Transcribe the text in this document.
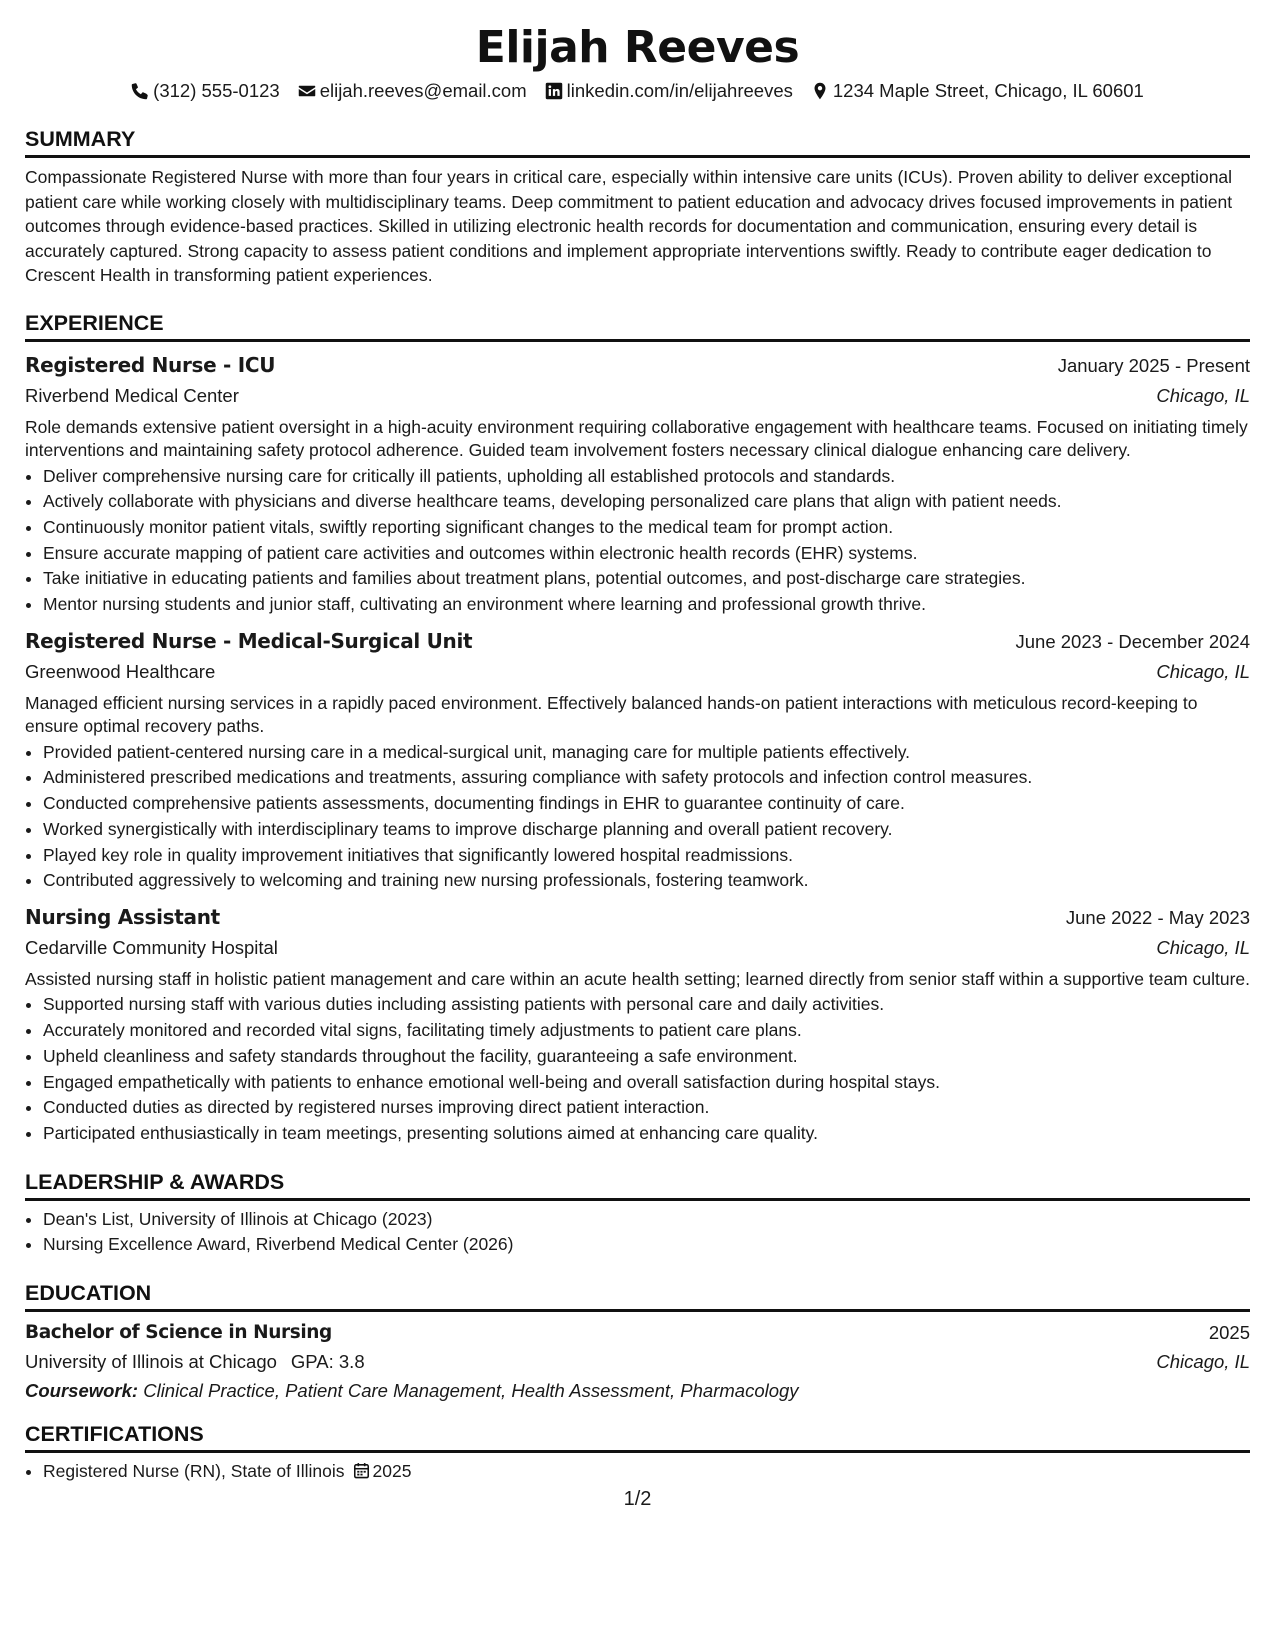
Elijah Reeves
(312) 555-0123 elijah.reeves@email.com linkedin.com/in/elijahreeves 1234 Maple Street, Chicago, IL 60601
SUMMARY
Compassionate Registered Nurse with more than four years in critical care, especially within intensive care units (ICUs). Proven ability to deliver exceptional patient care while working closely with multidisciplinary teams. Deep commitment to patient education and advocacy drives focused improvements in patient outcomes through evidence-based practices. Skilled in utilizing electronic health records for documentation and communication, ensuring every detail is accurately captured. Strong capacity to assess patient conditions and implement appropriate interventions swiftly. Ready to contribute eager dedication to Crescent Health in transforming patient experiences.
EXPERIENCE
Registered Nurse - ICU	January 2025 - Present
Riverbend Medical Center	Chicago, IL
Role demands extensive patient oversight in a high-acuity environment requiring collaborative engagement with healthcare teams. Focused on initiating timely interventions and maintaining safety protocol adherence. Guided team involvement fosters necessary clinical dialogue enhancing care delivery.
• Deliver comprehensive nursing care for critically ill patients, upholding all established protocols and standards.
• Actively collaborate with physicians and diverse healthcare teams, developing personalized care plans that align with patient needs.
• Continuously monitor patient vitals, swiftly reporting significant changes to the medical team for prompt action.
• Ensure accurate mapping of patient care activities and outcomes within electronic health records (EHR) systems.
• Take initiative in educating patients and families about treatment plans, potential outcomes, and post-discharge care strategies.
• Mentor nursing students and junior staff, cultivating an environment where learning and professional growth thrive.
Registered Nurse - Medical-Surgical Unit	June 2023 - December 2024
Greenwood Healthcare	Chicago, IL
Managed efficient nursing services in a rapidly paced environment. Effectively balanced hands-on patient interactions with meticulous record-keeping to ensure optimal recovery paths.
• Provided patient-centered nursing care in a medical-surgical unit, managing care for multiple patients effectively.
• Administered prescribed medications and treatments, assuring compliance with safety protocols and infection control measures.
• Conducted comprehensive patients assessments, documenting findings in EHR to guarantee continuity of care.
• Worked synergistically with interdisciplinary teams to improve discharge planning and overall patient recovery.
• Played key role in quality improvement initiatives that significantly lowered hospital readmissions.
• Contributed aggressively to welcoming and training new nursing professionals, fostering teamwork.
Nursing Assistant	June 2022 - May 2023
Cedarville Community Hospital	Chicago, IL
Assisted nursing staff in holistic patient management and care within an acute health setting; learned directly from senior staff within a supportive team culture.
• Supported nursing staff with various duties including assisting patients with personal care and daily activities.
• Accurately monitored and recorded vital signs, facilitating timely adjustments to patient care plans.
• Upheld cleanliness and safety standards throughout the facility, guaranteeing a safe environment.
• Engaged empathetically with patients to enhance emotional well-being and overall satisfaction during hospital stays.
• Conducted duties as directed by registered nurses improving direct patient interaction.
• Participated enthusiastically in team meetings, presenting solutions aimed at enhancing care quality.
LEADERSHIP & AWARDS
• Dean's List, University of Illinois at Chicago (2023)
• Nursing Excellence Award, Riverbend Medical Center (2026)
EDUCATION
Bachelor of Science in Nursing	2025
University of Illinois at Chicago GPA: 3.8	Chicago, IL
Coursework: Clinical Practice, Patient Care Management, Health Assessment, Pharmacology
CERTIFICATIONS
• Registered Nurse (RN), State of Illinois 2025
1/2
